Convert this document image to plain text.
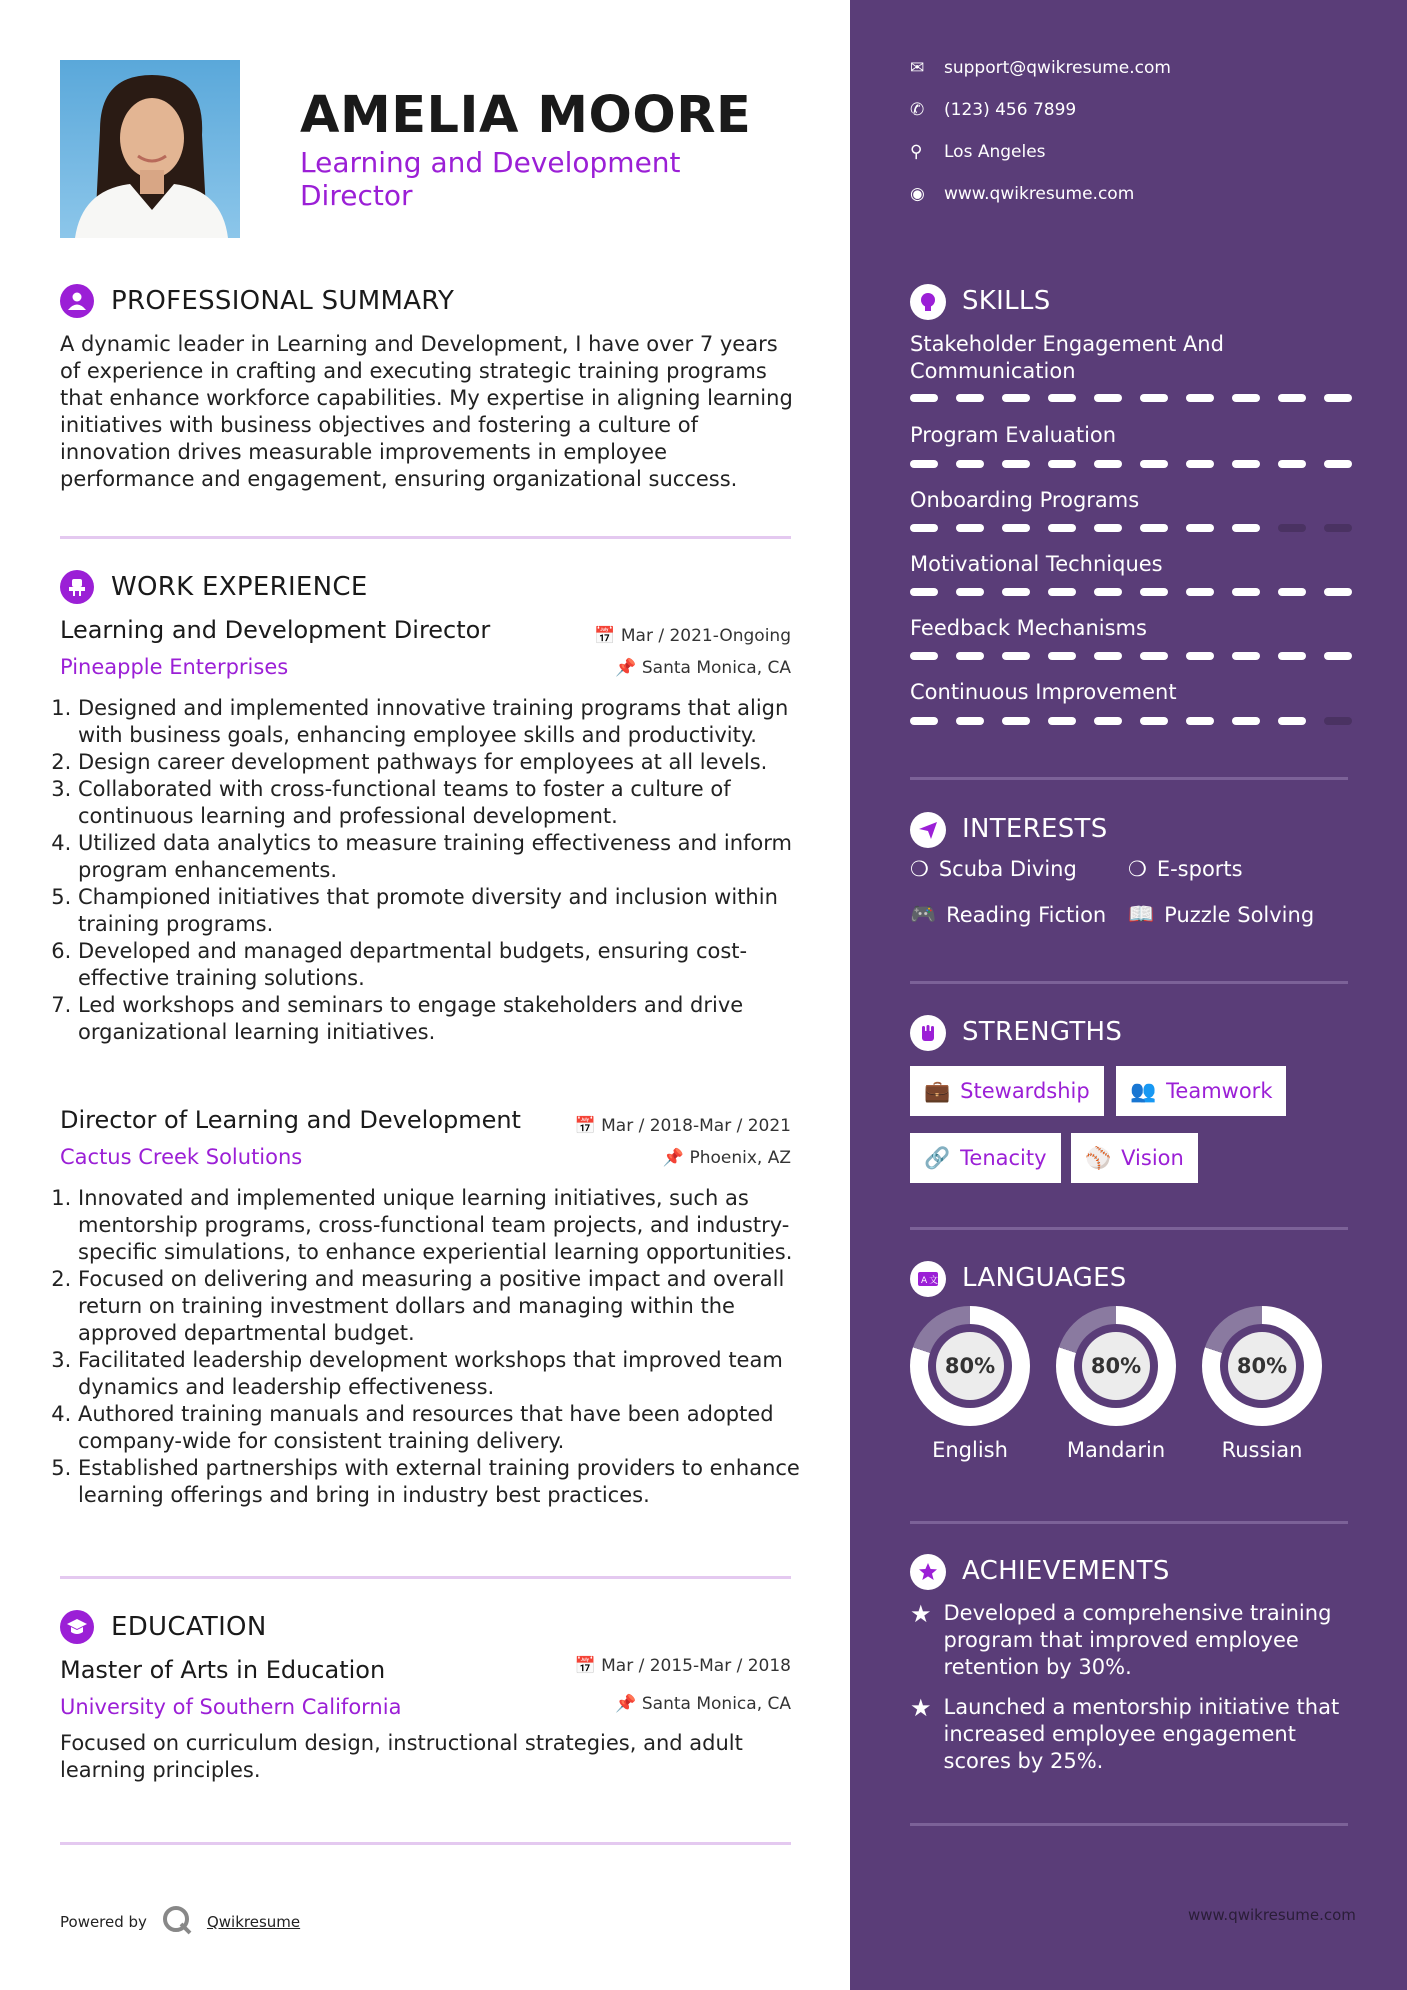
AMELIA MOORE
Learning and Development Director
PROFESSIONAL SUMMARY
A dynamic leader in Learning and Development, I have over 7 years of experience in crafting and executing strategic training programs that enhance workforce capabilities. My expertise in aligning learning initiatives with business objectives and fostering a culture of innovation drives measurable improvements in employee performance and engagement, ensuring organizational success.
WORK EXPERIENCE
Learning and Development Director
Pineapple Enterprises
📅 Mar / 2021-Ongoing
📌 Santa Monica, CA
1. Designed and implemented innovative training programs that align with business goals, enhancing employee skills and productivity.
2. Design career development pathways for employees at all levels.
3. Collaborated with cross-functional teams to foster a culture of continuous learning and professional development.
4. Utilized data analytics to measure training effectiveness and inform program enhancements.
5. Championed initiatives that promote diversity and inclusion within training programs.
6. Developed and managed departmental budgets, ensuring cost-effective training solutions.
7. Led workshops and seminars to engage stakeholders and drive organizational learning initiatives.
Director of Learning and Development
Cactus Creek Solutions
📅 Mar / 2018-Mar / 2021
📌 Phoenix, AZ
1. Innovated and implemented unique learning initiatives, such as mentorship programs, cross-functional team projects, and industry-specific simulations, to enhance experiential learning opportunities.
2. Focused on delivering and measuring a positive impact and overall return on training investment dollars and managing within the approved departmental budget.
3. Facilitated leadership development workshops that improved team dynamics and leadership effectiveness.
4. Authored training manuals and resources that have been adopted company-wide for consistent training delivery.
5. Established partnerships with external training providers to enhance learning offerings and bring in industry best practices.
EDUCATION
Master of Arts in Education
University of Southern California
📅 Mar / 2015-Mar / 2018
📌 Santa Monica, CA
Focused on curriculum design, instructional strategies, and adult learning principles.
Powered by	Qwikresume
✉ support@qwikresume.com
✆ (123) 456 7899
⚲ Los Angeles
◉ www.qwikresume.com
SKILLS
Stakeholder Engagement And Communication
Program Evaluation
Onboarding Programs
Motivational Techniques
Feedback Mechanisms
Continuous Improvement
INTERESTS
❍ Scuba Diving ❍ E-sports
🎮 Reading Fiction 📖 Puzzle Solving
STRENGTHS
💼 Stewardship 👥 Teamwork
🔗 Tenacity ⚾ Vision
A 文 LANGUAGES
80%
English
80%
Mandarin
80%
Russian
ACHIEVEMENTS
★ Developed a comprehensive training program that improved employee retention by 30%.
★ Launched a mentorship initiative that increased employee engagement scores by 25%.
www.qwikresume.com
